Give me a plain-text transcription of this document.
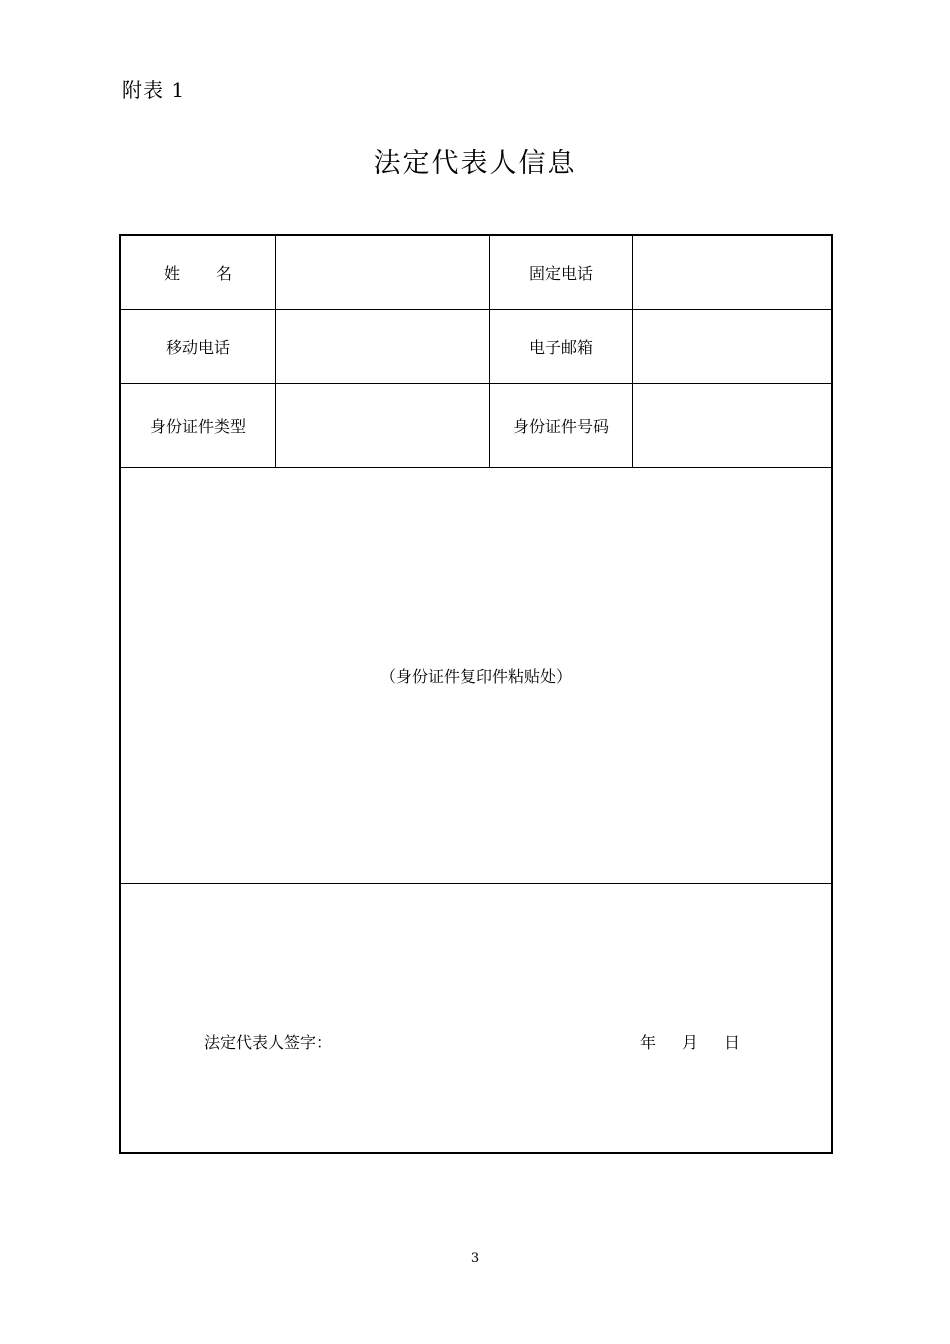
附表 1
法定代表人信息
姓 名	固定电话
移动电话	电子邮箱
身份证件类型	身份证件号码
（身份证件复印件粘贴处）
法定代表人签字：	年 月 日
3
